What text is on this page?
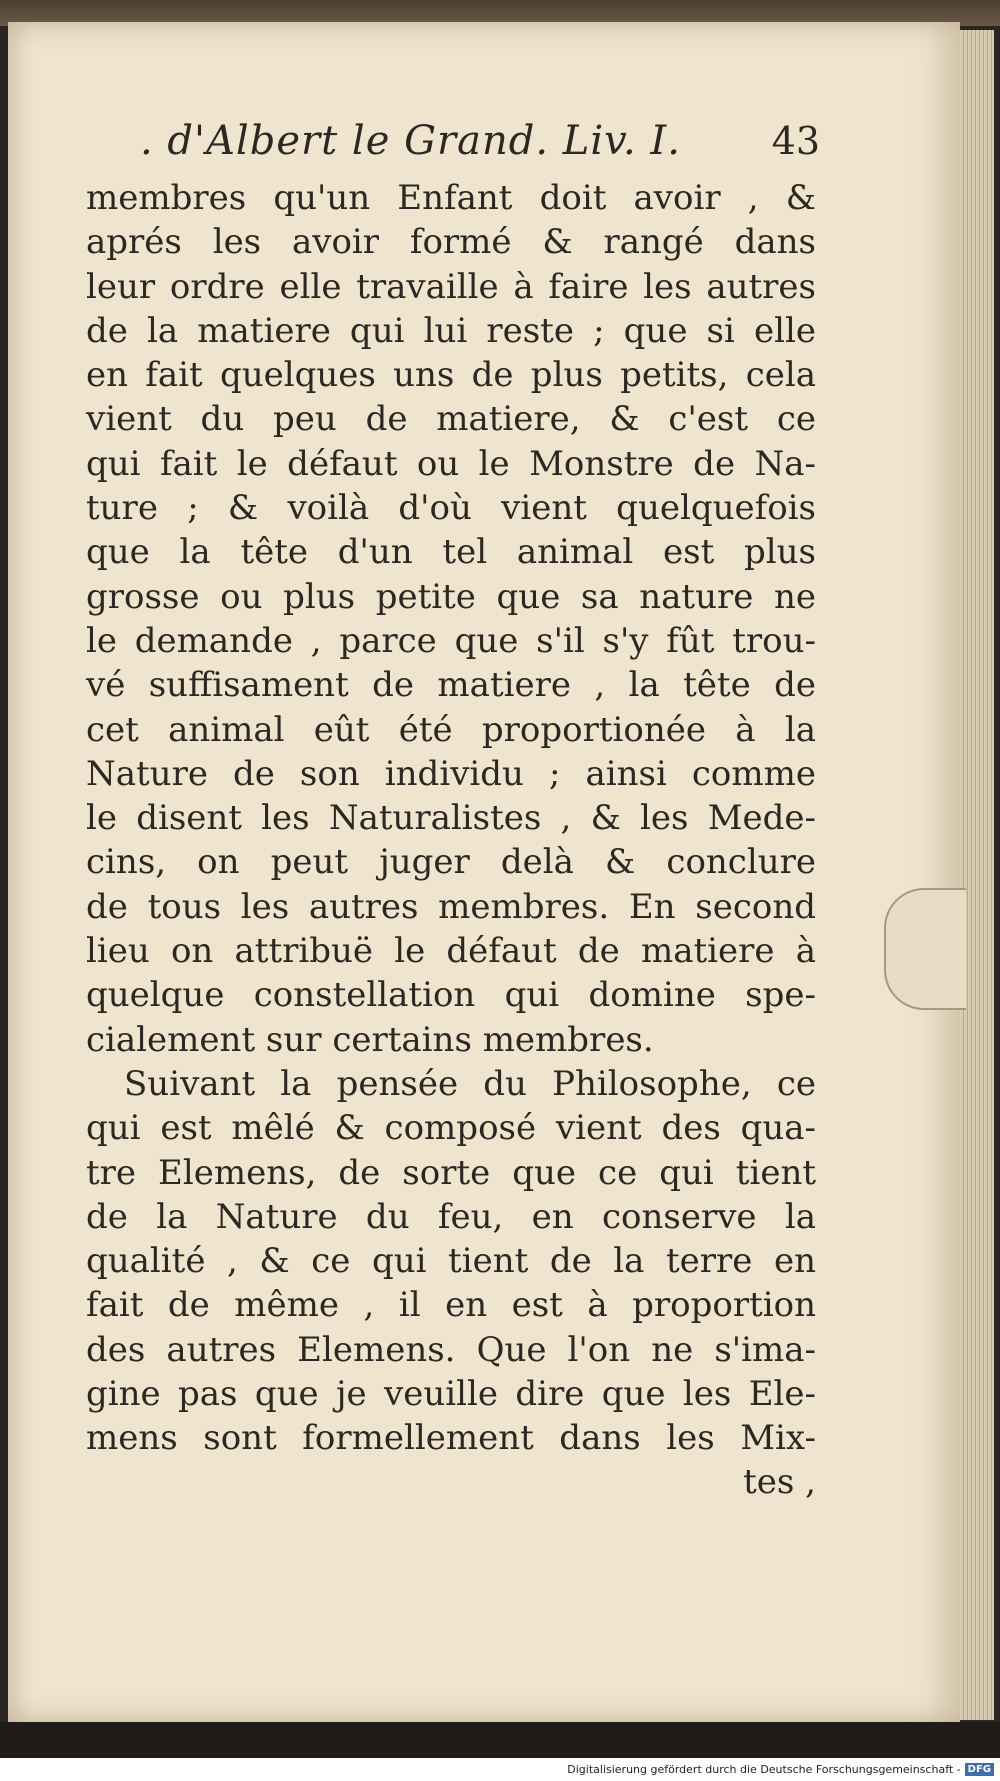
. d'Albert le Grand. Liv. I. 43
membres qu'un Enfant doit avoir , &
aprés les avoir formé & rangé dans
leur ordre elle travaille à faire les autres
de la matiere qui lui reste ; que si elle
en fait quelques uns de plus petits, cela
vient du peu de matiere, & c'est ce
qui fait le défaut ou le Monstre de Na-
ture ; & voilà d'où vient quelquefois
que la tête d'un tel animal est plus
grosse ou plus petite que sa nature ne
le demande , parce que s'il s'y fût trou-
vé suffisament de matiere , la tête de
cet animal eût été proportionée à la
Nature de son individu ; ainsi comme
le disent les Naturalistes , & les Mede-
cins, on peut juger delà & conclure
de tous les autres membres. En second
lieu on attribuë le défaut de matiere à
quelque constellation qui domine spe-
cialement sur certains membres.
Suivant la pensée du Philosophe, ce
qui est mêlé & composé vient des qua-
tre Elemens, de sorte que ce qui tient
de la Nature du feu, en conserve la
qualité , & ce qui tient de la terre en
fait de même , il en est à proportion
des autres Elemens. Que l'on ne s'ima-
gine pas que je veuille dire que les Ele-
mens sont formellement dans les Mix-
tes ,
Digitalisierung gefördert durch die Deutsche Forschungsgemeinschaft - DFG
